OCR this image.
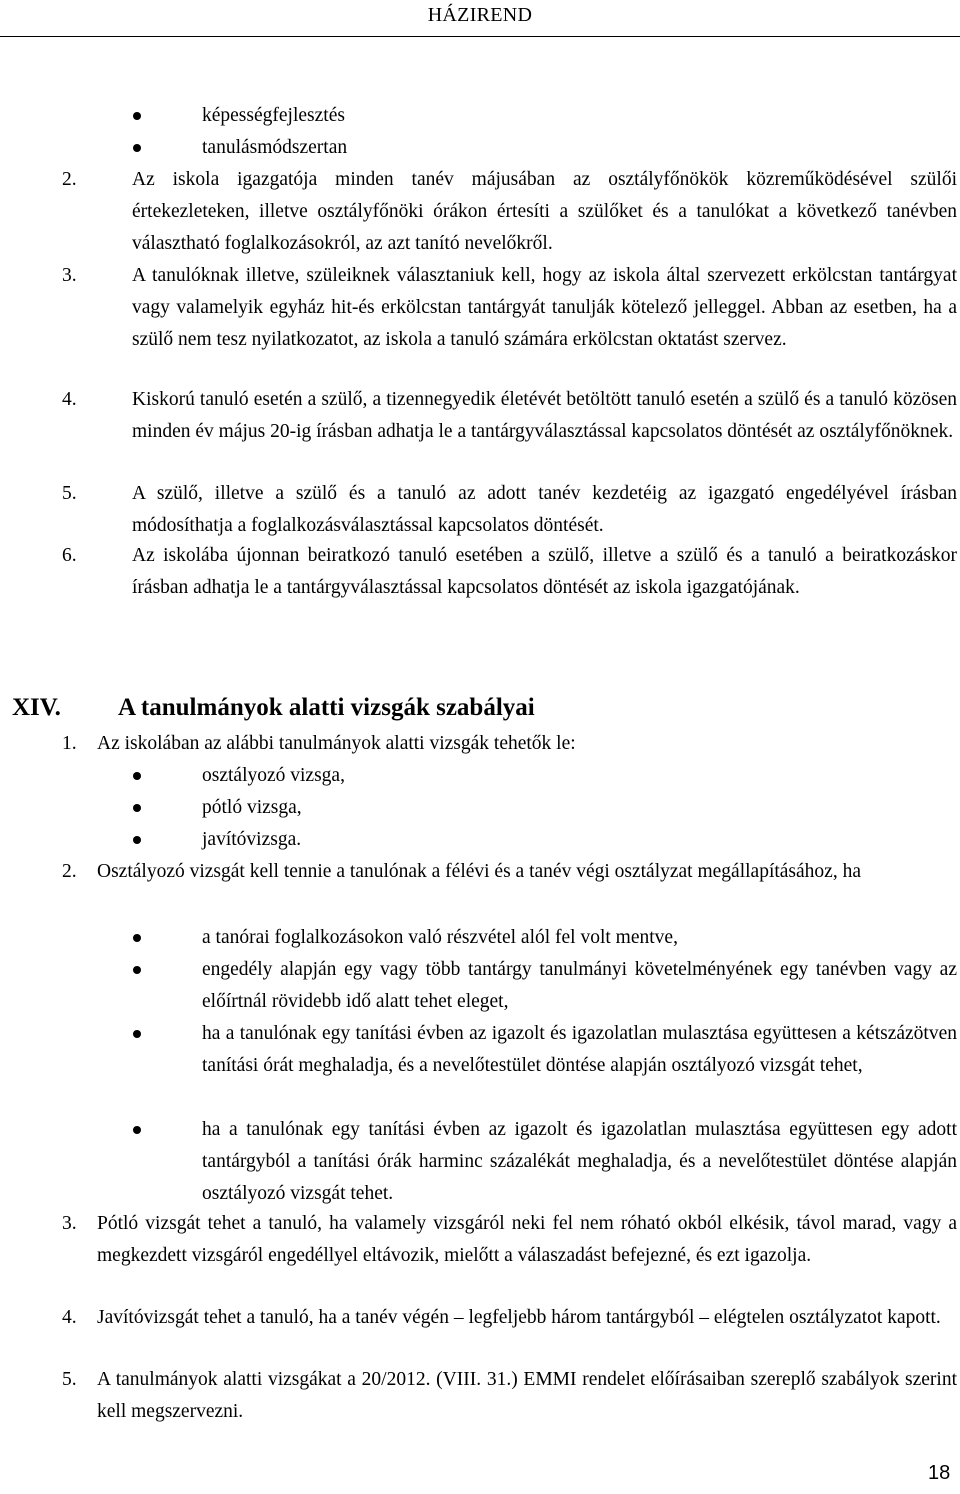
HÁZIREND
képességfejlesztés
tanulásmódszertan
2.	Az iskola igazgatója minden tanév májusában az osztályfőnökök közreműködésével szülői értekezleteken, illetve osztályfőnöki órákon értesíti a szülőket és a tanulókat a következő tanévben választható foglalkozásokról, az azt tanító nevelőkről.
3.	A tanulóknak illetve, szüleiknek választaniuk kell, hogy az iskola által szervezett erkölcstan tantárgyat vagy valamelyik egyház hit-és erkölcstan tantárgyát tanulják kötelező jelleggel. Abban az esetben, ha a szülő nem tesz nyilatkozatot, az iskola a tanuló számára erkölcstan oktatást szervez.
4.	Kiskorú tanuló esetén a szülő, a tizennegyedik életévét betöltött tanuló esetén a szülő és a tanuló közösen minden év május 20-ig írásban adhatja le a tantárgyválasztással kapcsolatos döntését az osztályfőnöknek.
5.	A szülő, illetve a szülő és a tanuló az adott tanév kezdetéig az igazgató engedélyével írásban módosíthatja a foglalkozásválasztással kapcsolatos döntését.
6.	Az iskolába újonnan beiratkozó tanuló esetében a szülő, illetve a szülő és a tanuló a beiratkozáskor írásban adhatja le a tantárgyválasztással kapcsolatos döntését az iskola igazgatójának.
XIV. A tanulmányok alatti vizsgák szabályai
1. Az iskolában az alábbi tanulmányok alatti vizsgák tehetők le:
osztályozó vizsga,
pótló vizsga,
javítóvizsga.
2. Osztályozó vizsgát kell tennie a tanulónak a félévi és a tanév végi osztályzat megállapításához, ha
a tanórai foglalkozásokon való részvétel alól fel volt mentve,
engedély alapján egy vagy több tantárgy tanulmányi követelményének egy tanévben vagy az előírtnál rövidebb idő alatt tehet eleget,
ha a tanulónak egy tanítási évben az igazolt és igazolatlan mulasztása együttesen a kétszázötven tanítási órát meghaladja, és a nevelőtestület döntése alapján osztályozó vizsgát tehet,
ha a tanulónak egy tanítási évben az igazolt és igazolatlan mulasztása együttesen egy adott tantárgyból a tanítási órák harminc százalékát meghaladja, és a nevelőtestület döntése alapján osztályozó vizsgát tehet.
3. Pótló vizsgát tehet a tanuló, ha valamely vizsgáról neki fel nem róható okból elkésik, távol marad, vagy a megkezdett vizsgáról engedéllyel eltávozik, mielőtt a válaszadást befejezné, és ezt igazolja.
4. Javítóvizsgát tehet a tanuló, ha a tanév végén – legfeljebb három tantárgyból – elégtelen osztályzatot kapott.
5. A tanulmányok alatti vizsgákat a 20/2012. (VIII. 31.) EMMI rendelet előírásaiban szereplő szabályok szerint kell megszervezni.
18
